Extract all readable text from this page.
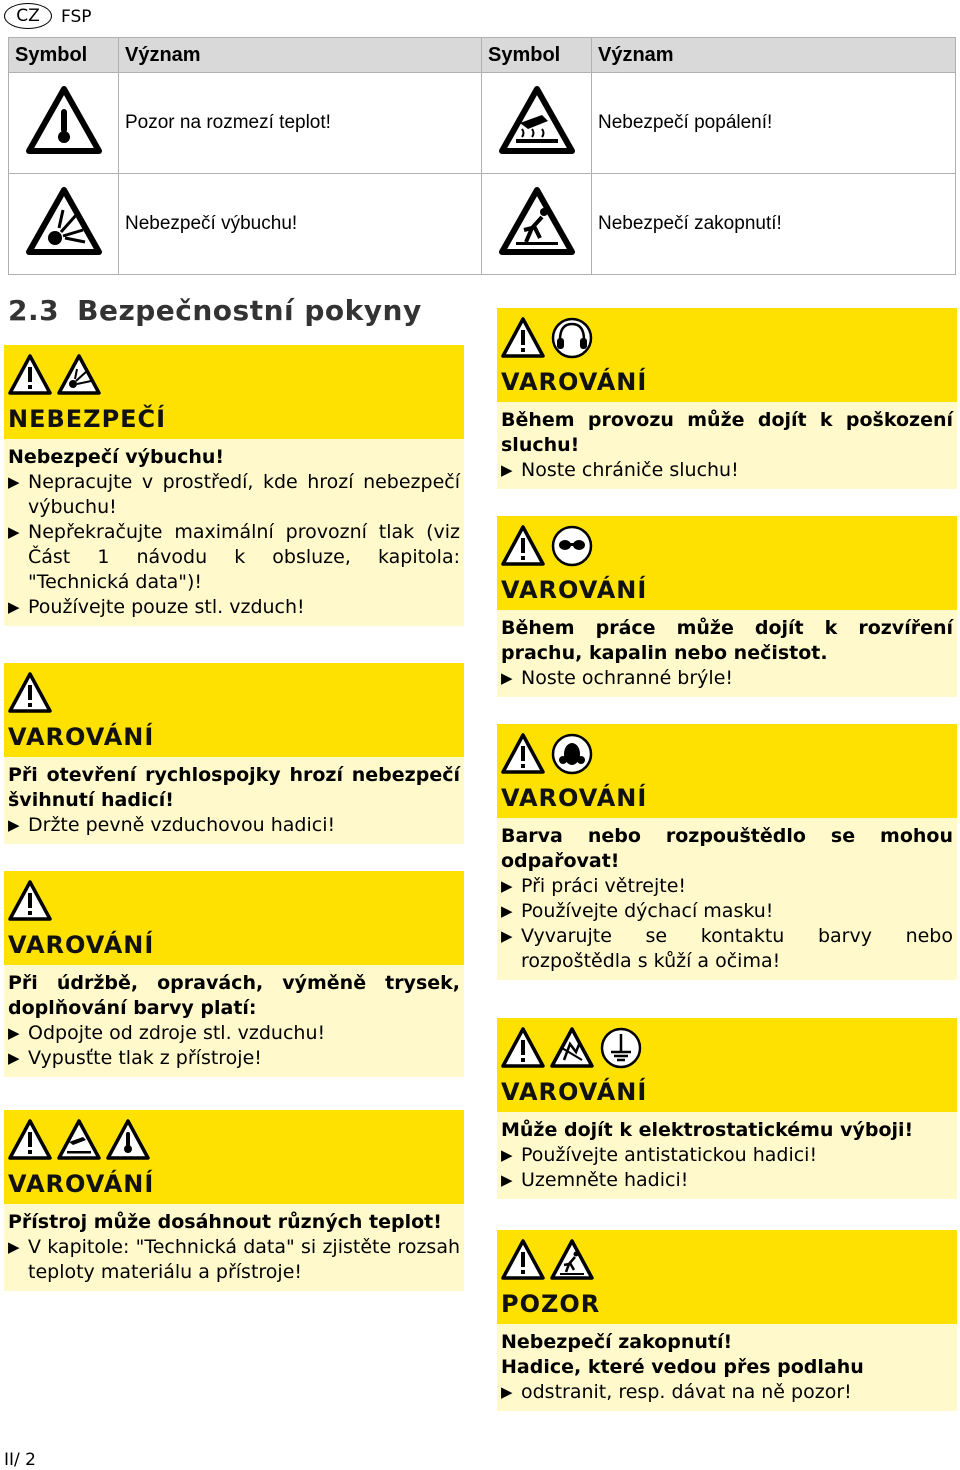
CZ	FSP
Symbol	Význam	Symbol	Význam
	Pozor na rozmezí teplot!		Nebezpečí popálení!
	Nebezpečí výbuchu!		Nebezpečí zakopnutí!
2.3 Bezpečnostní pokyny
II/ 2
NEBEZPEČÍ
Nebezpečí výbuchu!
▶ Nepracujte v prostředí, kde hrozí nebezpečí výbuchu!
▶ Nepřekračujte maximální provozní tlak (viz Část 1 návodu k obsluze, kapitola: "Technická data")!
▶ Používejte pouze stl. vzduch!
VAROVÁNÍ
Při otevření rychlospojky hrozí nebezpečí švihnutí hadicí!
▶ Držte pevně vzduchovou hadici!
VAROVÁNÍ
Při údržbě, opravách, výměně trysek, doplňování barvy platí:
▶ Odpojte od zdroje stl. vzduchu!
▶ Vypusťte tlak z přístroje!
VAROVÁNÍ
Přístroj může dosáhnout různých teplot!
▶ V kapitole: "Technická data" si zjistěte rozsah teploty materiálu a přístroje!
VAROVÁNÍ
Během provozu může dojít k poškození sluchu!
▶ Noste chrániče sluchu!
VAROVÁNÍ
Během práce může dojít k rozvíření prachu, kapalin nebo nečistot.
▶ Noste ochranné brýle!
VAROVÁNÍ
Barva nebo rozpouštědlo se mohou odpařovat!
▶ Při práci větrejte!
▶ Používejte dýchací masku!
▶ Vyvarujte se kontaktu barvy nebo rozpoštědla s kůží a očima!
VAROVÁNÍ
Může dojít k elektrostatickému výboji!
▶ Používejte antistatickou hadici!
▶ Uzemněte hadici!
POZOR
Nebezpečí zakopnutí!
Hadice, které vedou přes podlahu
▶ odstranit, resp. dávat na ně pozor!
